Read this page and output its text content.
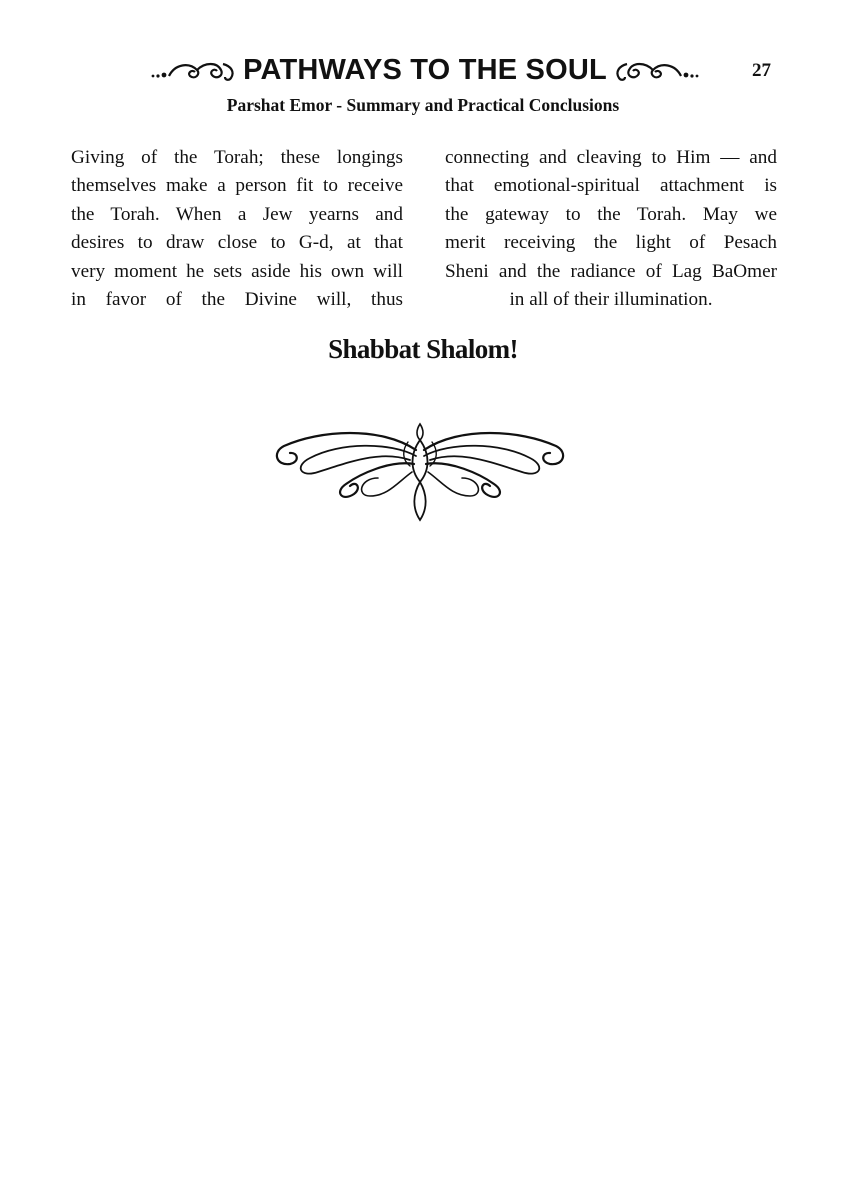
PATHWAYS TO THE SOUL	27
Parshat Emor - Summary and Practical Conclusions
Giving of the Torah; these longings
themselves make a person fit to receive
the Torah. When a Jew yearns and
desires to draw close to G-d, at that
very moment he sets aside his own will
in favor of the Divine will, thus
connecting and cleaving to Him — and
that emotional-spiritual attachment is
the gateway to the Torah. May we
merit receiving the light of Pesach
Sheni and the radiance of Lag BaOmer
in all of their illumination.
Shabbat Shalom!
